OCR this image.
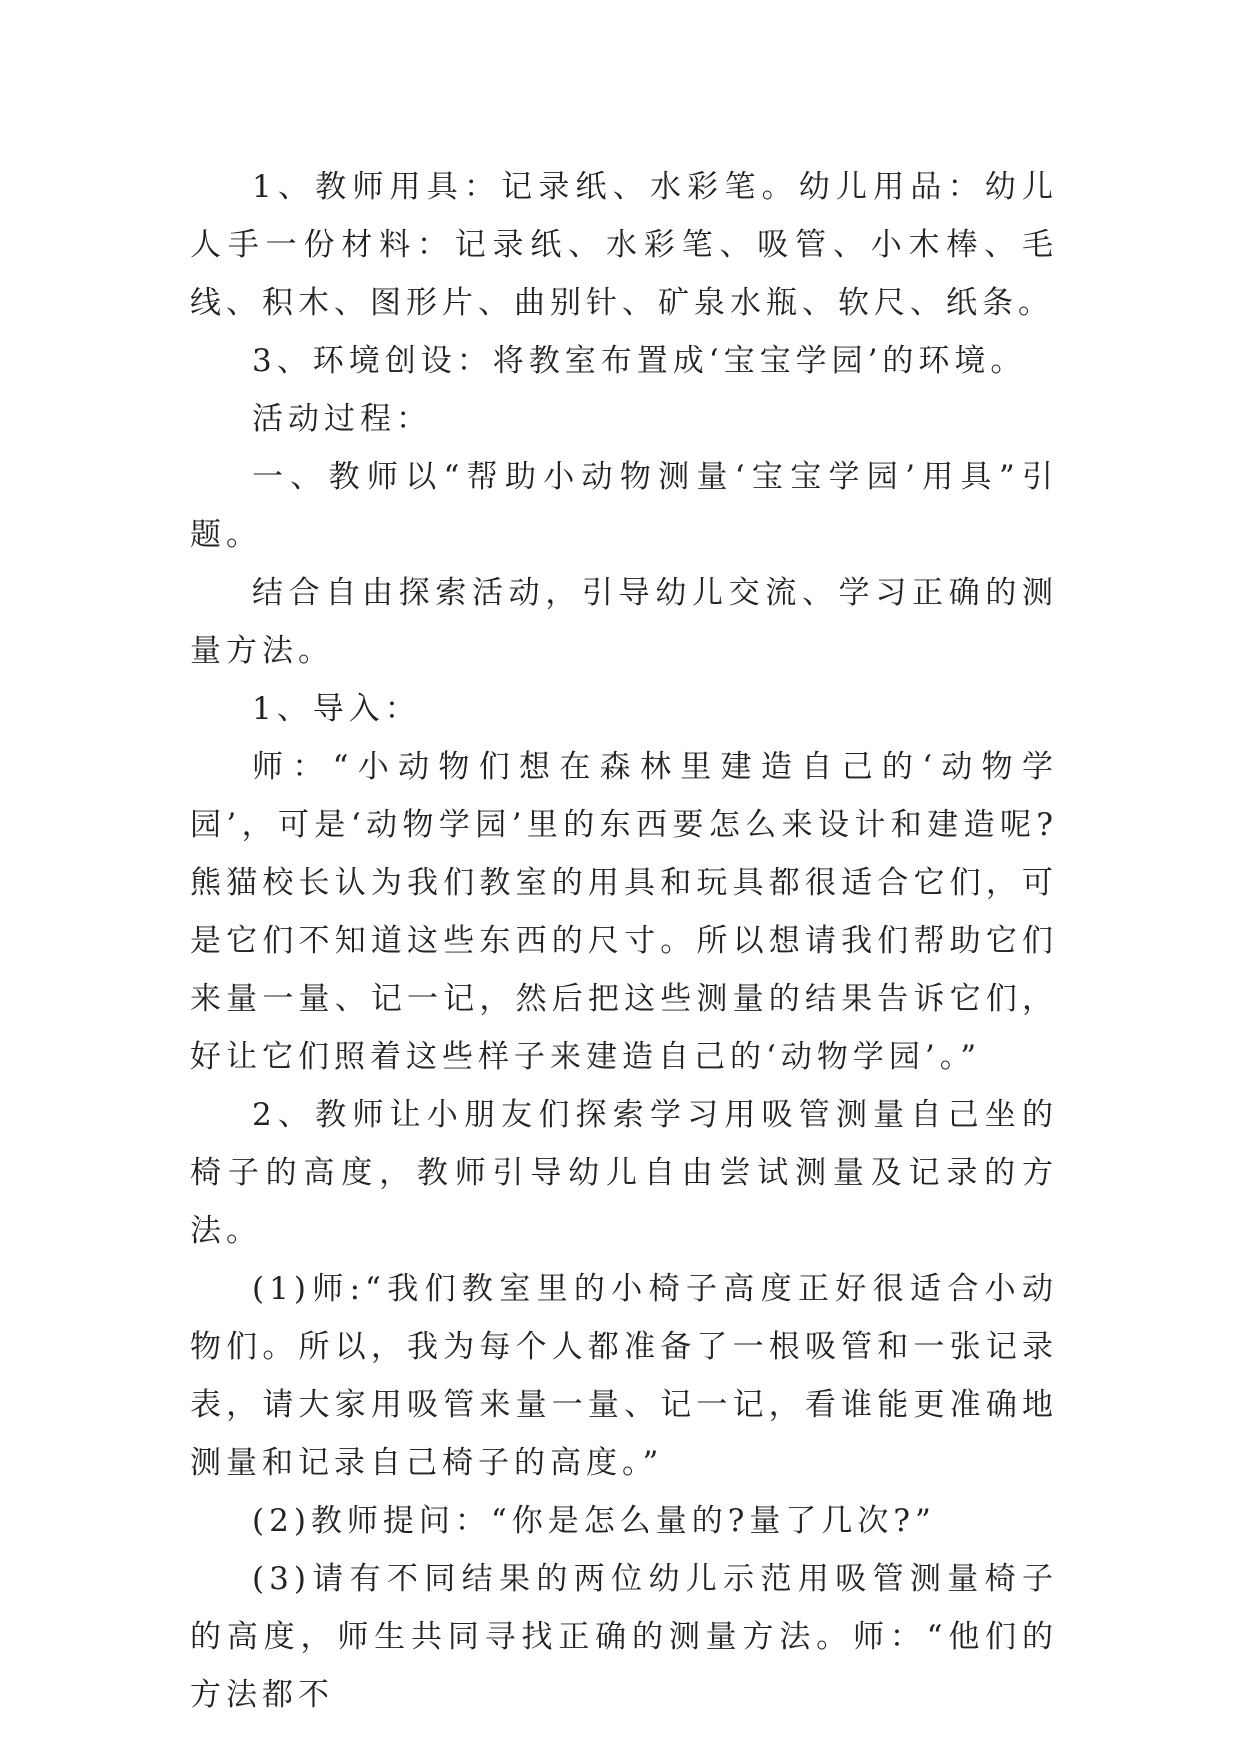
1、教师用具：记录纸、水彩笔。幼儿用品：幼儿人手一份材料：记录纸、水彩笔、吸管、小木棒、毛线、积木、图形片、曲别针、矿泉水瓶、软尺、纸条。

3、环境创设：将教室布置成‘宝宝学园’的环境。

活动过程：

一、教师以“帮助小动物测量‘宝宝学园’用具”引题。

结合自由探索活动，引导幼儿交流、学习正确的测量方法。

1、导入：

师：“小动物们想在森林里建造自己的‘动物学园’，可是‘动物学园’里的东西要怎么来设计和建造呢?熊猫校长认为我们教室的用具和玩具都很适合它们，可是它们不知道这些东西的尺寸。所以想请我们帮助它们来量一量、记一记，然后把这些测量的结果告诉它们，好让它们照着这些样子来建造自己的‘动物学园’。”

2、教师让小朋友们探索学习用吸管测量自己坐的椅子的高度，教师引导幼儿自由尝试测量及记录的方法。

(1)师:“我们教室里的小椅子高度正好很适合小动物们。所以，我为每个人都准备了一根吸管和一张记录表，请大家用吸管来量一量、记一记，看谁能更准确地测量和记录自己椅子的高度。”

(2)教师提问：“你是怎么量的?量了几次?”

(3)请有不同结果的两位幼儿示范用吸管测量椅子的高度，师生共同寻找正确的测量方法。师：“他们的方法都不
